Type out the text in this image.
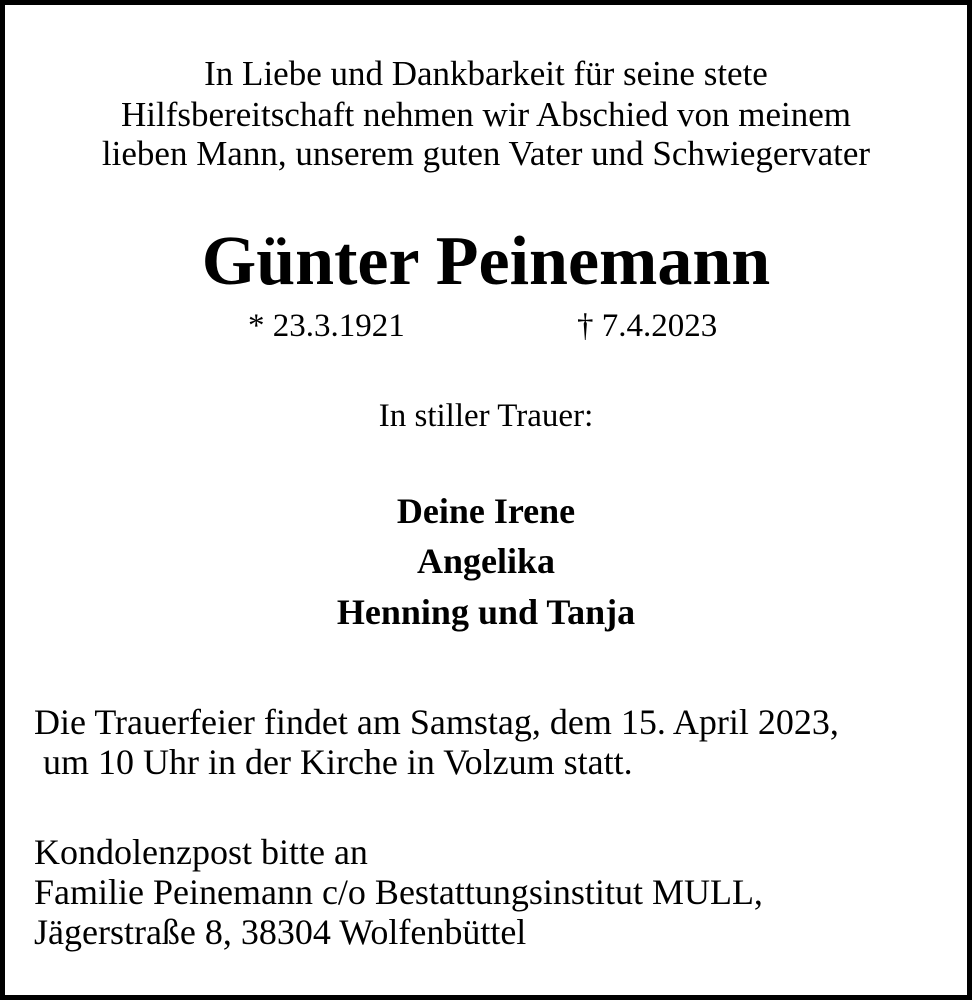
In Liebe und Dankbarkeit für seine stete
Hilfsbereitschaft nehmen wir Abschied von meinem
lieben Mann, unserem guten Vater und Schwiegervater
Günter Peinemann
* 23.3.1921	† 7.4.2023
In stiller Trauer:
Deine Irene
Angelika
Henning und Tanja
Die Trauerfeier findet am Samstag, dem 15. April 2023,
um 10 Uhr in der Kirche in Volzum statt.
Kondolenzpost bitte an
Familie Peinemann c/o Bestattungsinstitut MULL,
Jägerstraße 8, 38304 Wolfenbüttel
